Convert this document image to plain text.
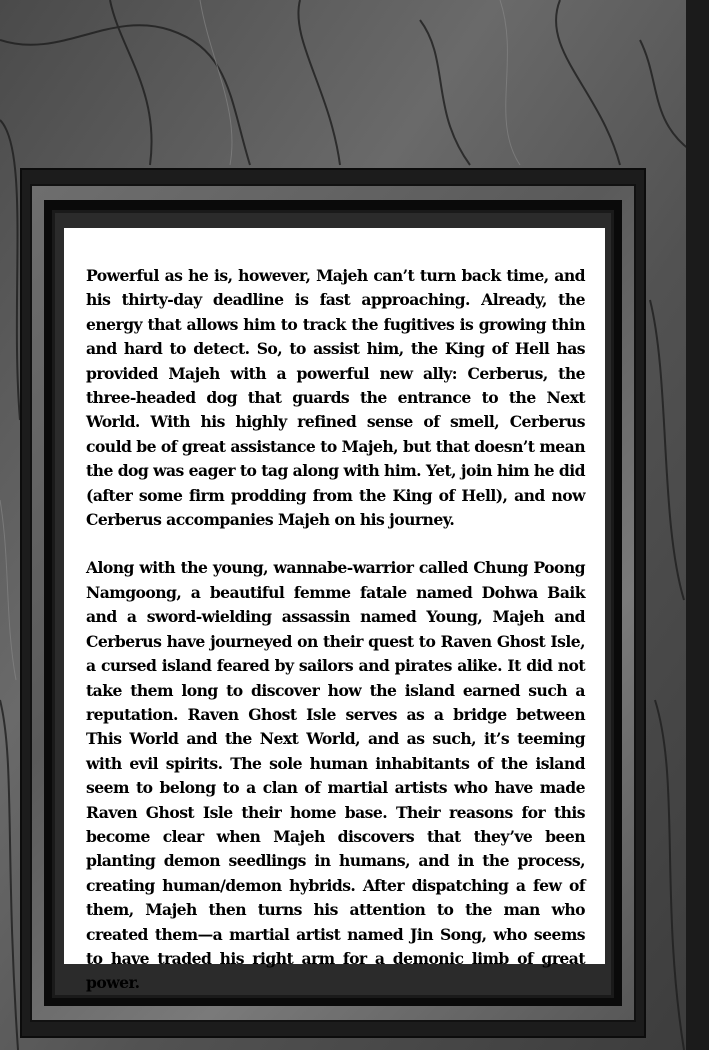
Powerful as he is, however, Majeh can’t turn back time, and his thirty-day deadline is fast approaching. Already, the energy that allows him to track the fugitives is growing thin and hard to detect. So, to assist him, the King of Hell has provided Majeh with a powerful new ally: Cerberus, the three-headed dog that guards the entrance to the Next World. With his highly refined sense of smell, Cerberus could be of great assistance to Majeh, but that doesn’t mean the dog was eager to tag along with him. Yet, join him he did (after some firm prodding from the King of Hell), and now Cerberus accompanies Majeh on his journey.

Along with the young, wannabe-warrior called Chung Poong Namgoong, a beautiful femme fatale named Dohwa Baik and a sword-wielding assassin named Young, Majeh and Cerberus have journeyed on their quest to Raven Ghost Isle, a cursed island feared by sailors and pirates alike. It did not take them long to discover how the island earned such a reputation. Raven Ghost Isle serves as a bridge between This World and the Next World, and as such, it’s teeming with evil spirits. The sole human inhabitants of the island seem to belong to a clan of martial artists who have made Raven Ghost Isle their home base. Their reasons for this become clear when Majeh discovers that they’ve been planting demon seedlings in humans, and in the process, creating human/demon hybrids. After dispatching a few of them, Majeh then turns his attention to the man who created them—a martial artist named Jin Song, who seems to have traded his right arm for a demonic limb of great power.
